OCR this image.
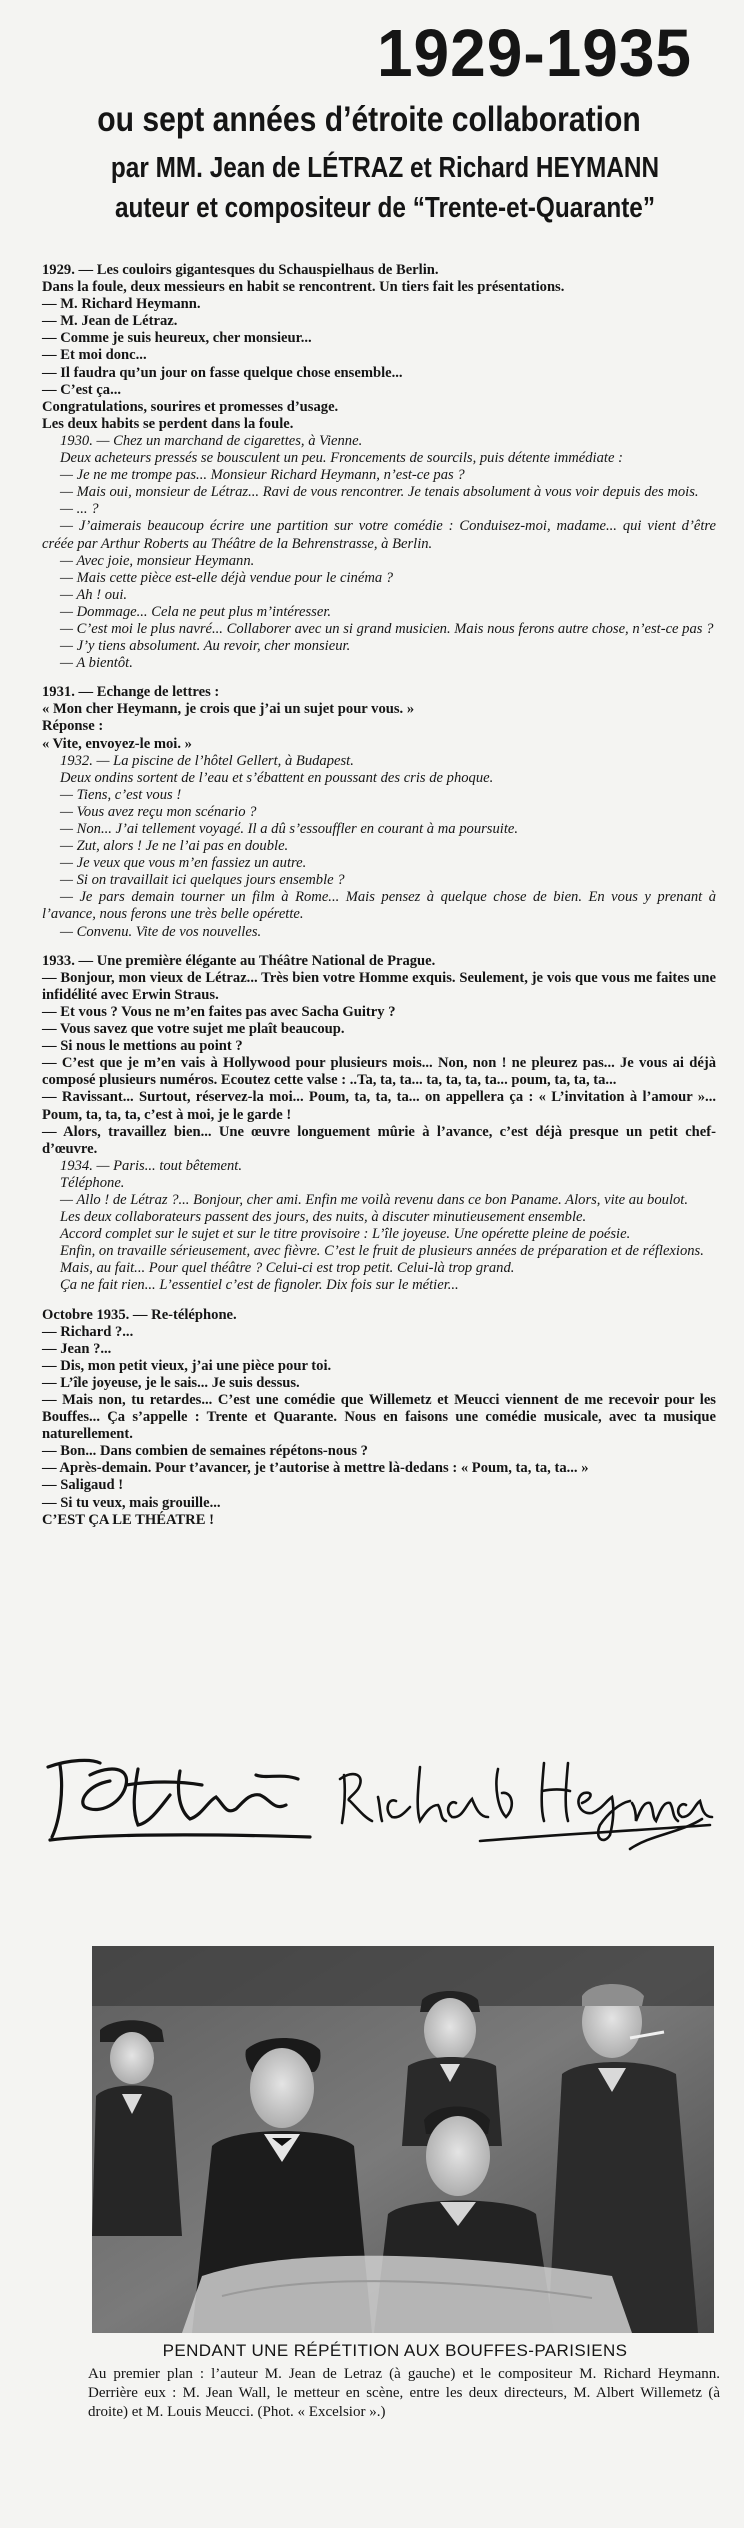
1929-1935
ou sept années d’étroite collaboration
par MM. Jean de LÉTRAZ et Richard HEYMANN
auteur et compositeur de “Trente-et-Quarante”

1929. — Les couloirs gigantesques du Schauspielhaus de Berlin.

Dans la foule, deux messieurs en habit se rencontrent. Un tiers fait les présentations.

— M. Richard Heymann.

— M. Jean de Létraz.

— Comme je suis heureux, cher monsieur...

— Et moi donc...

— Il faudra qu’un jour on fasse quelque chose ensemble...

— C’est ça...

Congratulations, sourires et promesses d’usage.

Les deux habits se perdent dans la foule.

1930. — Chez un marchand de cigarettes, à Vienne.

Deux acheteurs pressés se bousculent un peu. Froncements de sourcils, puis détente immédiate :

— Je ne me trompe pas... Monsieur Richard Heymann, n’est-ce pas ?

— Mais oui, monsieur de Létraz... Ravi de vous rencontrer. Je tenais absolument à vous voir depuis des mois.

— ... ?

— J’aimerais beaucoup écrire une partition sur votre comédie : Conduisez-moi, madame... qui vient d’être créée par Arthur Roberts au Théâtre de la Behrenstrasse, à Berlin.

— Avec joie, monsieur Heymann.

— Mais cette pièce est-elle déjà vendue pour le cinéma ?

— Ah ! oui.

— Dommage... Cela ne peut plus m’intéresser.

— C’est moi le plus navré... Collaborer avec un si grand musicien. Mais nous ferons autre chose, n’est-ce pas ?

— J’y tiens absolument. Au revoir, cher monsieur.

— A bientôt.

1931. — Echange de lettres :

« Mon cher Heymann, je crois que j’ai un sujet pour vous. »

Réponse :

« Vite, envoyez-le moi. »

1932. — La piscine de l’hôtel Gellert, à Budapest.

Deux ondins sortent de l’eau et s’ébattent en poussant des cris de phoque.

— Tiens, c’est vous !

— Vous avez reçu mon scénario ?

— Non... J’ai tellement voyagé. Il a dû s’essouffler en courant à ma poursuite.

— Zut, alors ! Je ne l’ai pas en double.

— Je veux que vous m’en fassiez un autre.

— Si on travaillait ici quelques jours ensemble ?

— Je pars demain tourner un film à Rome... Mais pensez à quelque chose de bien. En vous y prenant à l’avance, nous ferons une très belle opérette.

— Convenu. Vite de vos nouvelles.

1933. — Une première élégante au Théâtre National de Prague.

— Bonjour, mon vieux de Létraz... Très bien votre Homme exquis. Seulement, je vois que vous me faites une infidélité avec Erwin Straus.

— Et vous ? Vous ne m’en faites pas avec Sacha Guitry ?

— Vous savez que votre sujet me plaît beaucoup.

— Si nous le mettions au point ?

— C’est que je m’en vais à Hollywood pour plusieurs mois... Non, non ! ne pleurez pas... Je vous ai déjà composé plusieurs numéros. Ecoutez cette valse : ..Ta, ta, ta... ta, ta, ta, ta... poum, ta, ta, ta...

— Ravissant... Surtout, réservez-la moi... Poum, ta, ta, ta... on appellera ça : « L’invitation à l’amour »... Poum, ta, ta, ta, c’est à moi, je le garde !

— Alors, travaillez bien... Une œuvre longuement mûrie à l’avance, c’est déjà presque un petit chef-d’œuvre.

1934. — Paris... tout bêtement.

Téléphone.

— Allo ! de Létraz ?... Bonjour, cher ami. Enfin me voilà revenu dans ce bon Paname. Alors, vite au boulot.

Les deux collaborateurs passent des jours, des nuits, à discuter minutieusement ensemble.

Accord complet sur le sujet et sur le titre provisoire : L’île joyeuse. Une opérette pleine de poésie.

Enfin, on travaille sérieusement, avec fièvre. C’est le fruit de plusieurs années de préparation et de réflexions.

Mais, au fait... Pour quel théâtre ? Celui-ci est trop petit. Celui-là trop grand.

Ça ne fait rien... L’essentiel c’est de fignoler. Dix fois sur le métier...

Octobre 1935. — Re-téléphone.

— Richard ?...

— Jean ?...

— Dis, mon petit vieux, j’ai une pièce pour toi.

— L’île joyeuse, je le sais... Je suis dessus.

— Mais non, tu retardes... C’est une comédie que Willemetz et Meucci viennent de me recevoir pour les Bouffes... Ça s’appelle : Trente et Quarante. Nous en faisons une comédie musicale, avec ta musique naturellement.

— Bon... Dans combien de semaines répétons-nous ?

— Après-demain. Pour t’avancer, je t’autorise à mettre là-dedans : « Poum, ta, ta, ta... »

— Saligaud !

— Si tu veux, mais grouille...

C’EST ÇA LE THÉATRE !

PENDANT UNE RÉPÉTITION AUX BOUFFES-PARISIENS
Au premier plan : l’auteur M. Jean de Letraz (à gauche) et le compositeur M. Richard Heymann. Derrière eux : M. Jean Wall, le metteur en scène, entre les deux directeurs, M. Albert Willemetz (à droite) et M. Louis Meucci. (Phot. « Excelsior ».)
